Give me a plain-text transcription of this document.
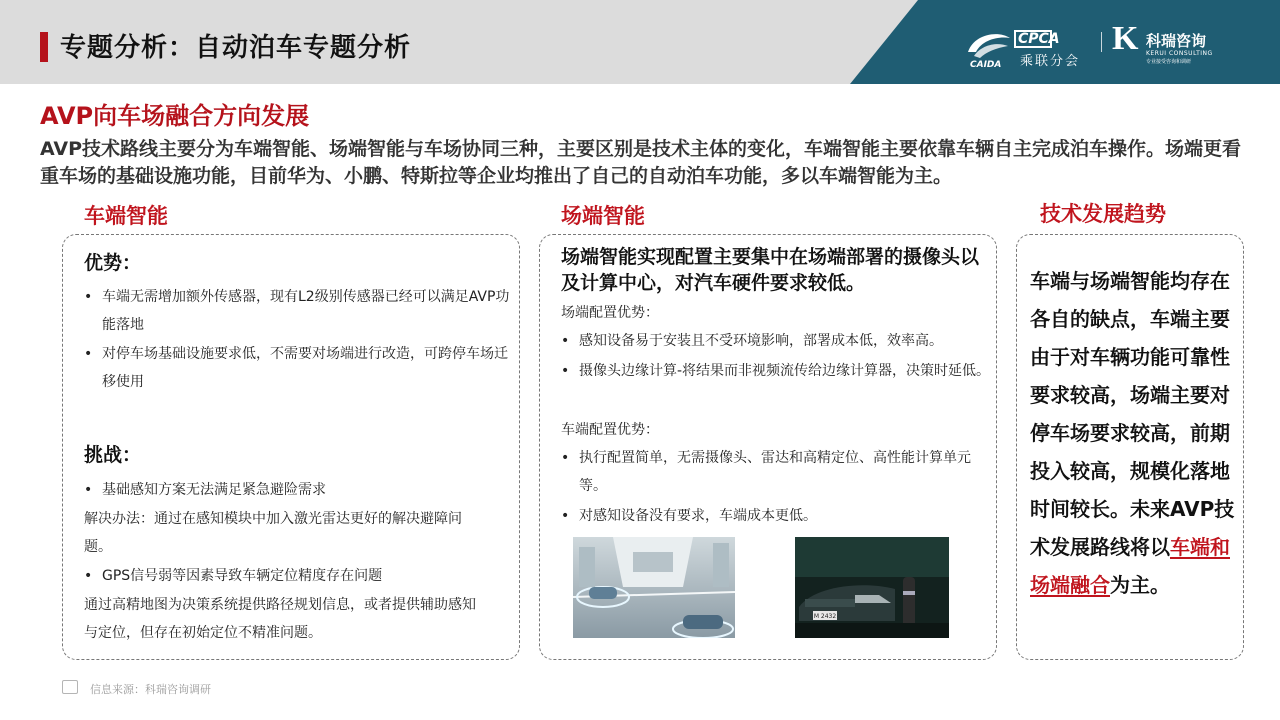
专题分析：自动泊车专题分析	CPCA
乘联分会
CAIDA
K 科瑞咨询
KERUI CONSULTING
专业接受咨询和调研
AVP向车场融合方向发展
AVP技术路线主要分为车端智能、场端智能与车场协同三种，主要区别是技术主体的变化，车端智能主要依靠车辆自主完成泊车操作。场端更看重车场的基础设施功能，目前华为、小鹏、特斯拉等企业均推出了自己的自动泊车功能，多以车端智能为主。
车端智能	场端智能	技术发展趋势
优势：
• 车端无需增加额外传感器，现有L2级别传感器已经可以满足AVP功能落地
• 对停车场基础设施要求低，不需要对场端进行改造，可跨停车场迁移使用
挑战：
• 基础感知方案无法满足紧急避险需求
解决办法：通过在感知模块中加入激光雷达更好的解决避障问题。
• GPS信号弱等因素导致车辆定位精度存在问题
通过高精地图为决策系统提供路径规划信息，或者提供辅助感知与定位，但存在初始定位不精准问题。
场端智能实现配置主要集中在场端部署的摄像头以及计算中心，对汽车硬件要求较低。
场端配置优势：
• 感知设备易于安装且不受环境影响，部署成本低，效率高。
• 摄像头边缘计算-将结果而非视频流传给边缘计算器，决策时延低。
车端配置优势：
• 执行配置简单，无需摄像头、雷达和高精定位、高性能计算单元等。
• 对感知设备没有要求，车端成本更低。
M 2432
车端与场端智能均存在各自的缺点，车端主要由于对车辆功能可靠性要求较高，场端主要对停车场要求较高，前期投入较高，规模化落地时间较长。未来AVP技术发展路线将以车端和场端融合为主。
信息来源：科瑞咨询调研
